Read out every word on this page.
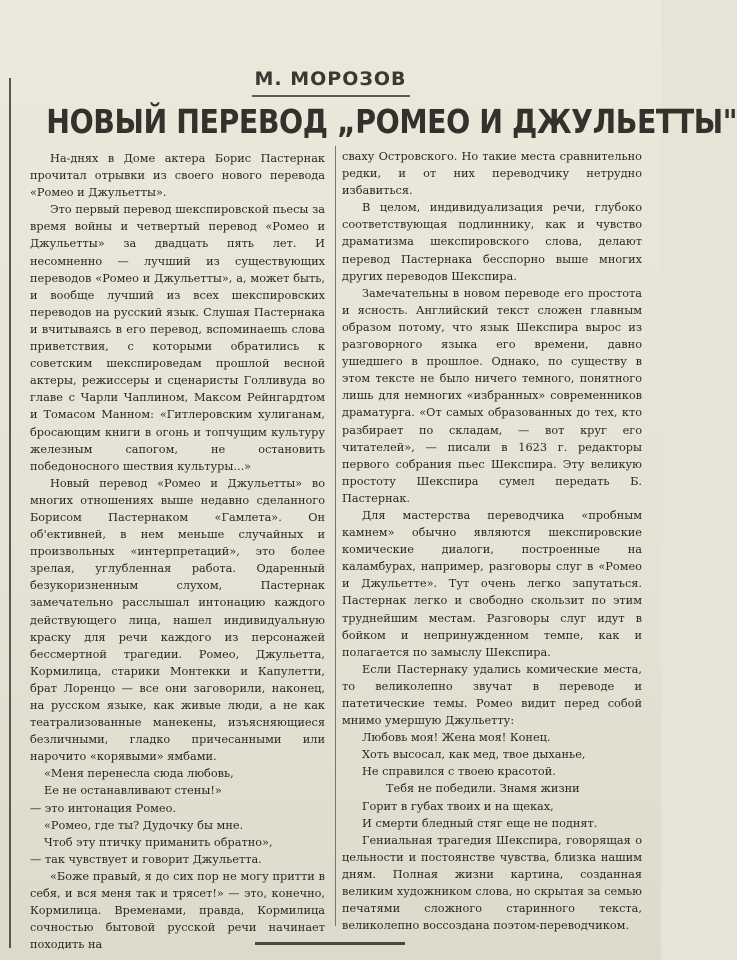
М. МОРОЗОВ
НОВЫЙ ПЕРЕВОД „РОМЕО И ДЖУЛЬЕТТЫ"

На-днях в Доме актера Борис Пастернак прочитал отрывки из своего нового перевода «Ромео и Джульетты».

Это первый перевод шекспировской пьесы за время войны и четвертый перевод «Ромео и Джульетты» за двадцать пять лет. И несомненно — лучший из существующих переводов «Ромео и Джульетты», а, может быть, и вообще лучший из всех шекспировских переводов на русский язык. Слушая Пастернака и вчитываясь в его перевод, вспоминаешь слова приветствия, с которыми обратились к советским шекспироведам прошлой весной актеры, режиссеры и сценаристы Голливуда во главе с Чарли Чаплином, Максом Рейнгардтом и Томасом Манном: «Гитлеровским хулиганам, бросающим книги в огонь и топчущим культуру железным сапогом, не остановить победоносного шествия культуры...»

Новый перевод «Ромео и Джульетты» во многих отношениях выше недавно сделанного Борисом Пастернаком «Гамлета». Он об'ективней, в нем меньше случайных и произвольных «интерпретаций», это более зрелая, углубленная работа. Одаренный безукоризненным слухом, Пастернак замечательно расслышал интонацию каждого действующего лица, нашел индивидуальную краску для речи каждого из персонажей бессмертной трагедии. Ромео, Джульетта, Кормилица, старики Монтекки и Капулетти, брат Лоренцо — все они заговорили, наконец, на русском языке, как живые люди, а не как театрализованные манекены, изъясняющиеся безличными, гладко причесанными или нарочито «корявыми» ямбами.

«Меня перенесла сюда любовь,

Ее не останавливают стены!»

— это интонация Ромео.

«Ромео, где ты? Дудочку бы мне.

Чтоб эту птичку приманить обратно»,

— так чувствует и говорит Джульетта.

«Боже правый, я до сих пор не могу притти в себя, и вся меня так и трясет!» — это, конечно, Кормилица. Временами, правда, Кормилица сочностью бытовой русской речи начинает походить на

сваху Островского. Но такие места сравнительно редки, и от них переводчику нетрудно избавиться.

В целом, индивидуализация речи, глубоко соответствующая подлиннику, как и чувство драматизма шекспировского слова, делают перевод Пастернака бесспорно выше многих других переводов Шекспира.

Замечательны в новом переводе его простота и ясность. Английский текст сложен главным образом потому, что язык Шекспира вырос из разговорного языка его времени, давно ушедшего в прошлое. Однако, по существу в этом тексте не было ничего темного, понятного лишь для немногих «избранных» современников драматурга. «От самых образованных до тех, кто разбирает по складам, — вот круг его читателей», — писали в 1623 г. редакторы первого собрания пьес Шекспира. Эту великую простоту Шекспира сумел передать Б. Пастернак.

Для мастерства переводчика «пробным камнем» обычно являются шекспировские комические диалоги, построенные на каламбурах, например, разговоры слуг в «Ромео и Джульетте». Тут очень легко запутаться. Пастернак легко и свободно скользит по этим труднейшим местам. Разговоры слуг идут в бойком и непринужденном темпе, как и полагается по замыслу Шекспира.

Если Пастернаку удались комические места, то великолепно звучат в переводе и патетические темы. Ромео видит перед собой мнимо умершую Джульетту:

Любовь моя! Жена моя! Конец.
Хоть высосал, как мед, твое дыханье,
Не справился с твоею красотой.
Тебя не победили. Знамя жизни
Горит в губах твоих и на щеках,
И смерти бледный стяг еще не поднят.

Гениальная трагедия Шекспира, говорящая о цельности и постоянстве чувства, близка нашим дням. Полная жизни картина, созданная великим художником слова, но скрытая за семью печатями сложного старинного текста, великолепно воссоздана поэтом-переводчиком.
